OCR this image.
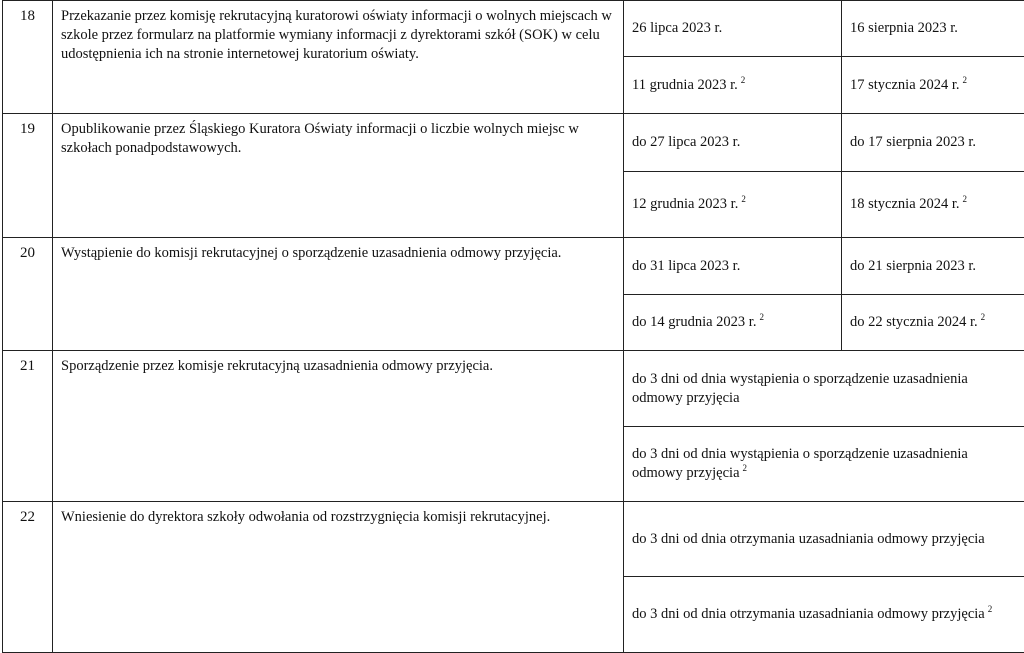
18	Przekazanie przez komisję rekrutacyjną kuratorowi oświaty informacji o wolnych miejscach w szkole przez formularz na platformie wymiany informacji z dyrektorami szkół (SOK) w celu udostępnienia ich na stronie internetowej kuratorium oświaty.	26 lipca 2023 r.	16 sierpnia 2023 r.
		11 grudnia 2023 r. $^2$	17 stycznia 2024 r. $^2$
19	Opublikowanie przez Śląskiego Kuratora Oświaty informacji o liczbie wolnych miejsc w szkołach ponadpodstawowych.	do 27 lipca 2023 r.	do 17 sierpnia 2023 r.
		12 grudnia 2023 r. $^2$	18 stycznia 2024 r. $^2$
20	Wystąpienie do komisji rekrutacyjnej o sporządzenie uzasadnienia odmowy przyjęcia.	do 31 lipca 2023 r.	do 21 sierpnia 2023 r.
		do 14 grudnia 2023 r. $^2$	do 22 stycznia 2024 r. $^2$
21	Sporządzenie przez komisje rekrutacyjną uzasadnienia odmowy przyjęcia.	do 3 dni od dnia wystąpienia o sporządzenie uzasadnienia odmowy przyjęcia	
		do 3 dni od dnia wystąpienia o sporządzenie uzasadnienia odmowy przyjęcia $^2$
22	Wniesienie do dyrektora szkoły odwołania od rozstrzygnięcia komisji rekrutacyjnej.	do 3 dni od dnia otrzymania uzasadniania odmowy przyjęcia	
		do 3 dni od dnia otrzymania uzasadniania odmowy przyjęcia $^2$
